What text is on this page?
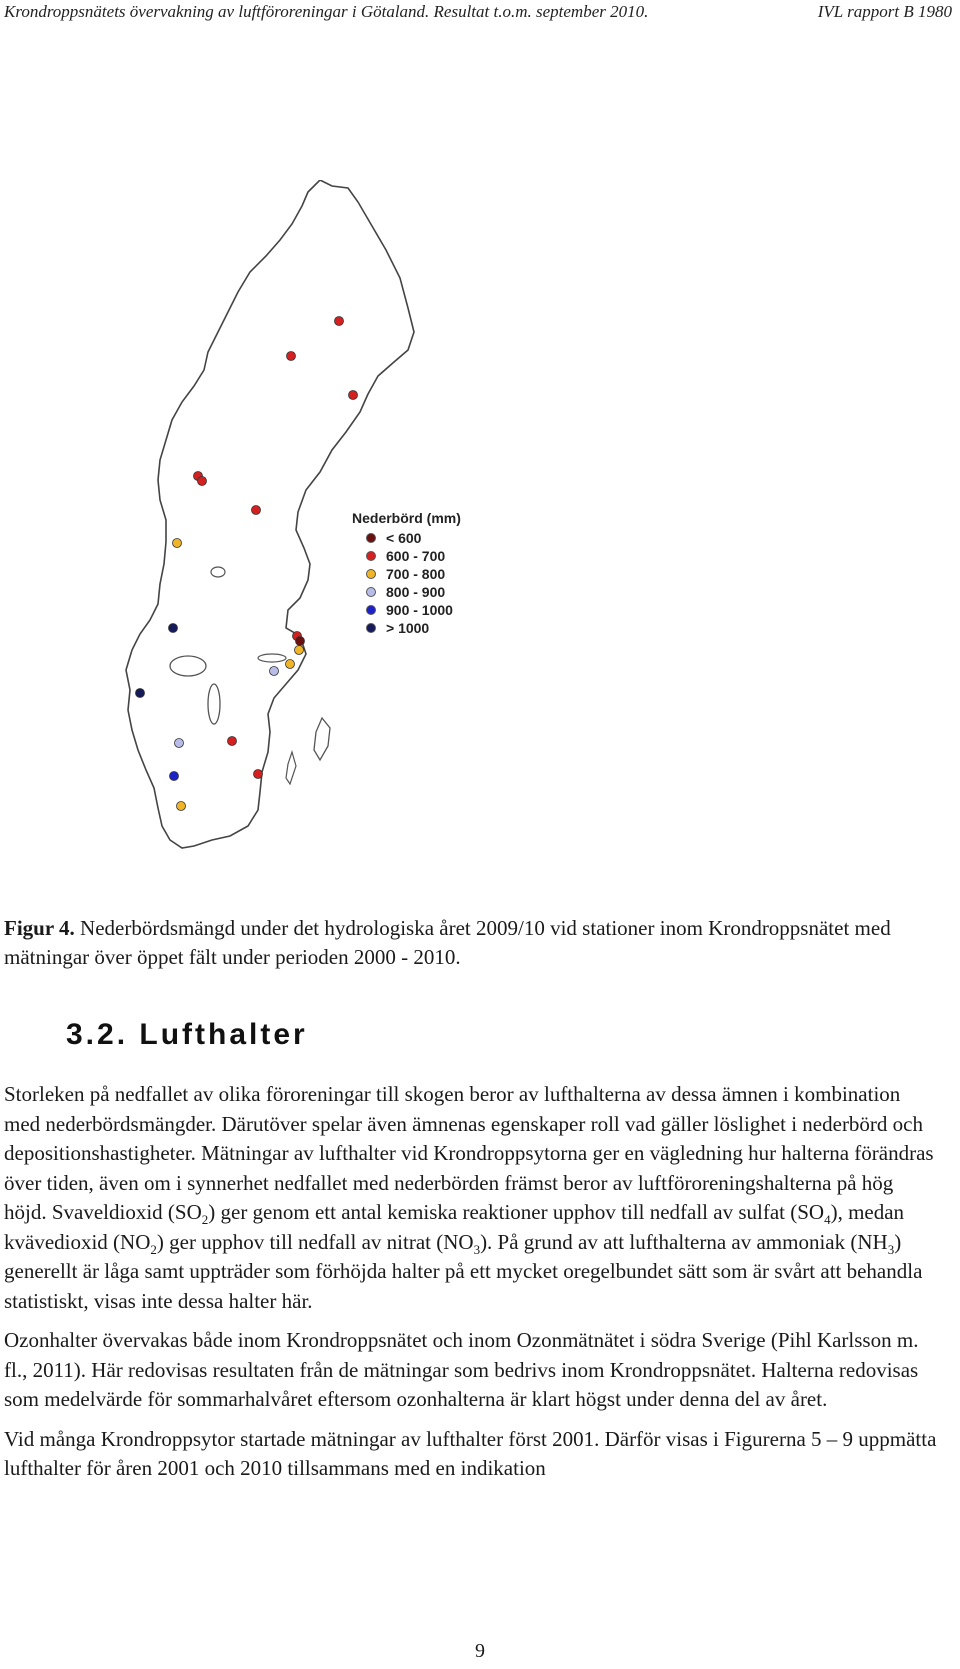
Krondroppsnätets övervakning av luftföroreningar i Götaland. Resultat t.o.m. september 2010.	IVL rapport B 1980
Nederbörd (mm)
< 600
600 - 700
700 - 800
800 - 900
900 - 1000
> 1000
Figur 4. Nederbördsmängd under det hydrologiska året 2009/10 vid stationer inom Krondroppsnätet med mätningar över öppet fält under perioden 2000 - 2010.
3.2. Lufthalter

Storleken på nedfallet av olika föroreningar till skogen beror av lufthalterna av dessa ämnen i kombination med nederbördsmängder. Därutöver spelar även ämnenas egenskaper roll vad gäller löslighet i nederbörd och depositionshastigheter. Mätningar av lufthalter vid Krondroppsytorna ger en vägledning hur halterna förändras över tiden, även om i synnerhet nedfallet med nederbörden främst beror av luftföroreningshalterna på hög höjd. Svaveldioxid $(SO_2)$ ger genom ett antal kemiska reaktioner upphov till nedfall av sulfat $(SO_4)$, medan kvävedioxid $(NO_2)$ ger upphov till nedfall av nitrat $(NO_3)$. På grund av att lufthalterna av ammoniak $(NH_3)$ generellt är låga samt uppträder som förhöjda halter på ett mycket oregelbundet sätt som är svårt att behandla statistiskt, visas inte dessa halter här.

Ozonhalter övervakas både inom Krondroppsnätet och inom Ozonmätnätet i södra Sverige (Pihl Karlsson m. fl., 2011). Här redovisas resultaten från de mätningar som bedrivs inom Krondroppsnätet. Halterna redovisas som medelvärde för sommarhalvåret eftersom ozonhalterna är klart högst under denna del av året.

Vid många Krondroppsytor startade mätningar av lufthalter först 2001. Därför visas i Figurerna 5 – 9 uppmätta lufthalter för åren 2001 och 2010 tillsammans med en indikation

9
